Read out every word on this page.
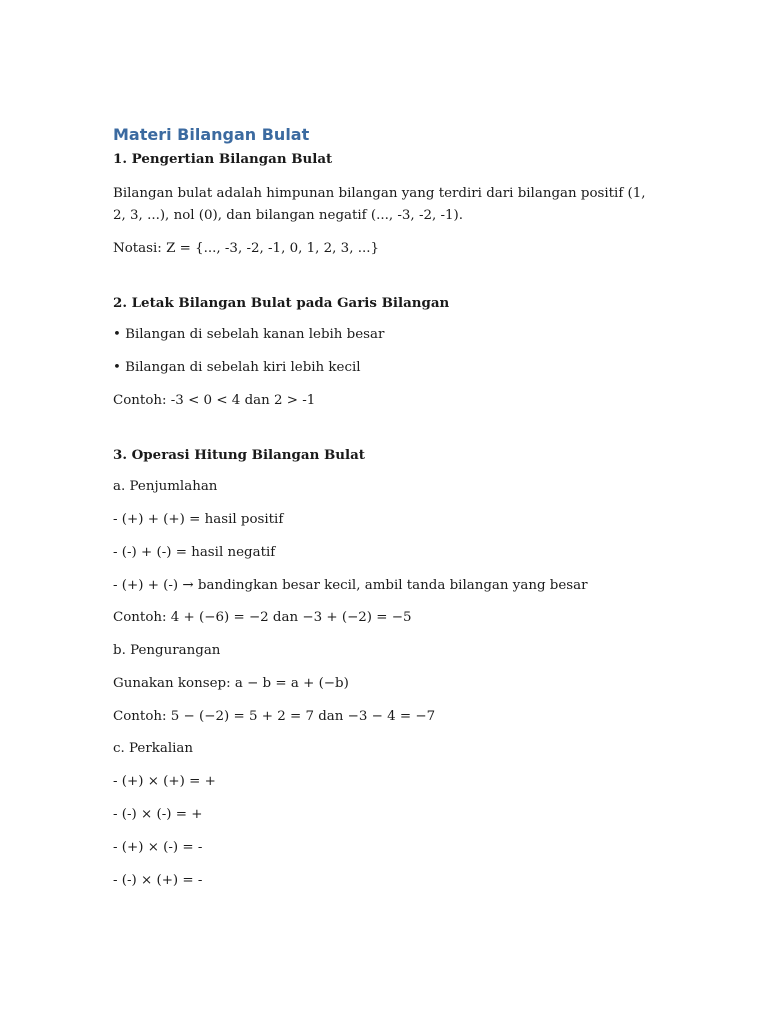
Materi Bilangan Bulat

1. Pengertian Bilangan Bulat

Bilangan bulat adalah himpunan bilangan yang terdiri dari bilangan positif (1, 2, 3, ...), nol (0), dan bilangan negatif (..., -3, -2, -1).

Notasi: Z = {..., -3, -2, -1, 0, 1, 2, 3, ...}

2. Letak Bilangan Bulat pada Garis Bilangan

• Bilangan di sebelah kanan lebih besar

• Bilangan di sebelah kiri lebih kecil

Contoh: -3 < 0 < 4 dan 2 > -1

3. Operasi Hitung Bilangan Bulat

a. Penjumlahan

- (+) + (+) = hasil positif

- (-) + (-) = hasil negatif

- (+) + (-) → bandingkan besar kecil, ambil tanda bilangan yang besar

Contoh: 4 + (−6) = −2 dan −3 + (−2) = −5

b. Pengurangan

Gunakan konsep: a − b = a + (−b)

Contoh: 5 − (−2) = 5 + 2 = 7 dan −3 − 4 = −7

c. Perkalian

- (+) × (+) = +

- (-) × (-) = +

- (+) × (-) = -

- (-) × (+) = -
